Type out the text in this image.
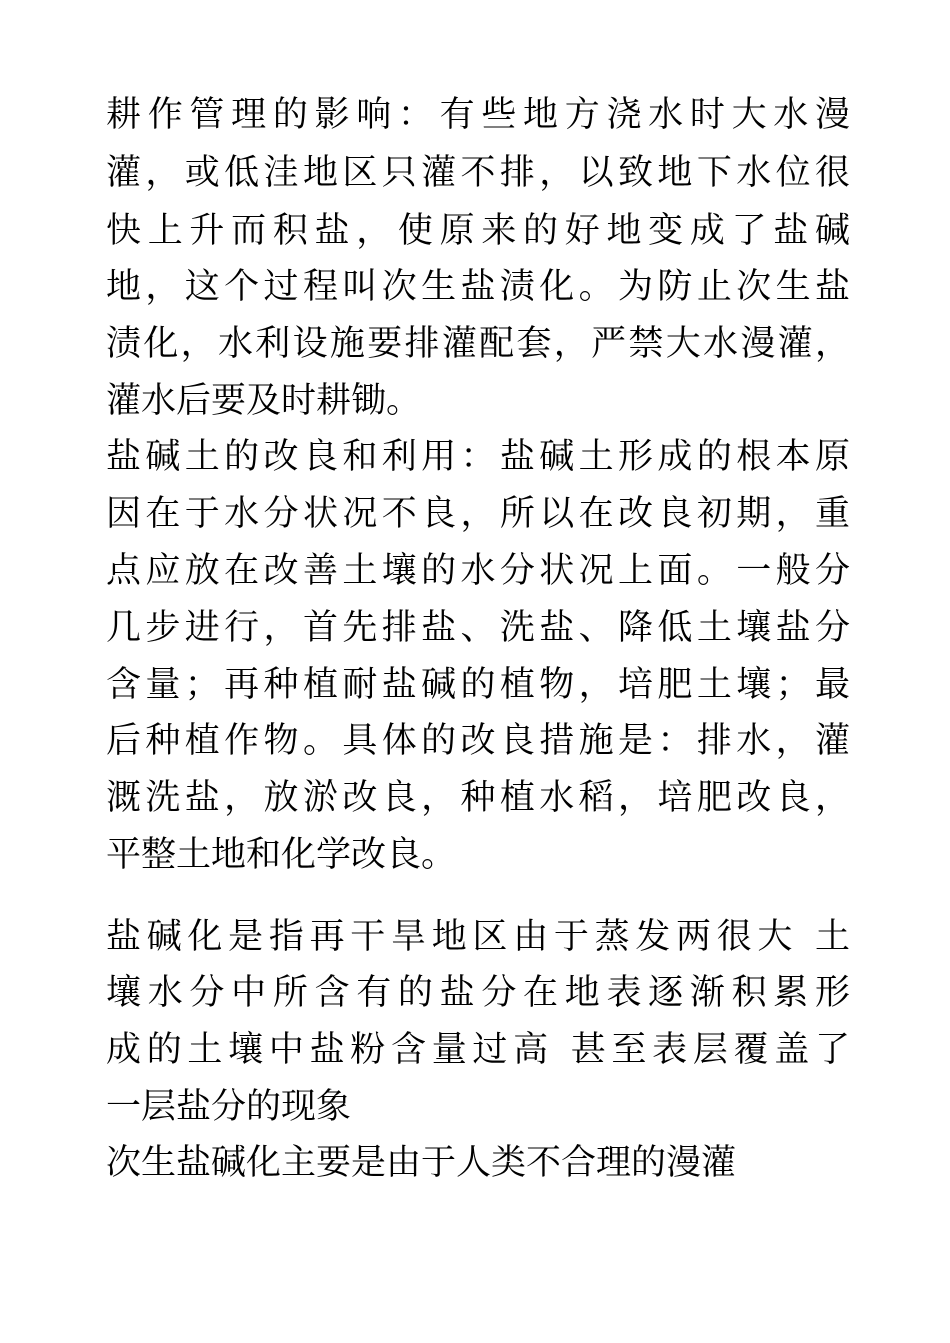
耕作管理的影响：有些地方浇水时大水漫
灌，或低洼地区只灌不排，以致地下水位很
快上升而积盐，使原来的好地变成了盐碱
地，这个过程叫次生盐渍化。为防止次生盐
渍化，水利设施要排灌配套，严禁大水漫灌，
灌水后要及时耕锄。
盐碱土的改良和利用：盐碱土形成的根本原
因在于水分状况不良，所以在改良初期，重
点应放在改善土壤的水分状况上面。一般分
几步进行，首先排盐、洗盐、降低土壤盐分
含量；再种植耐盐碱的植物，培肥土壤；最
后种植作物。具体的改良措施是：排水，灌
溉洗盐，放淤改良，种植水稻，培肥改良，
平整土地和化学改良。
盐碱化是指再干旱地区由于蒸发两很大 土
壤水分中所含有的盐分在地表逐渐积累形
成的土壤中盐粉含量过高 甚至表层覆盖了
一层盐分的现象
次生盐碱化主要是由于人类不合理的漫灌
